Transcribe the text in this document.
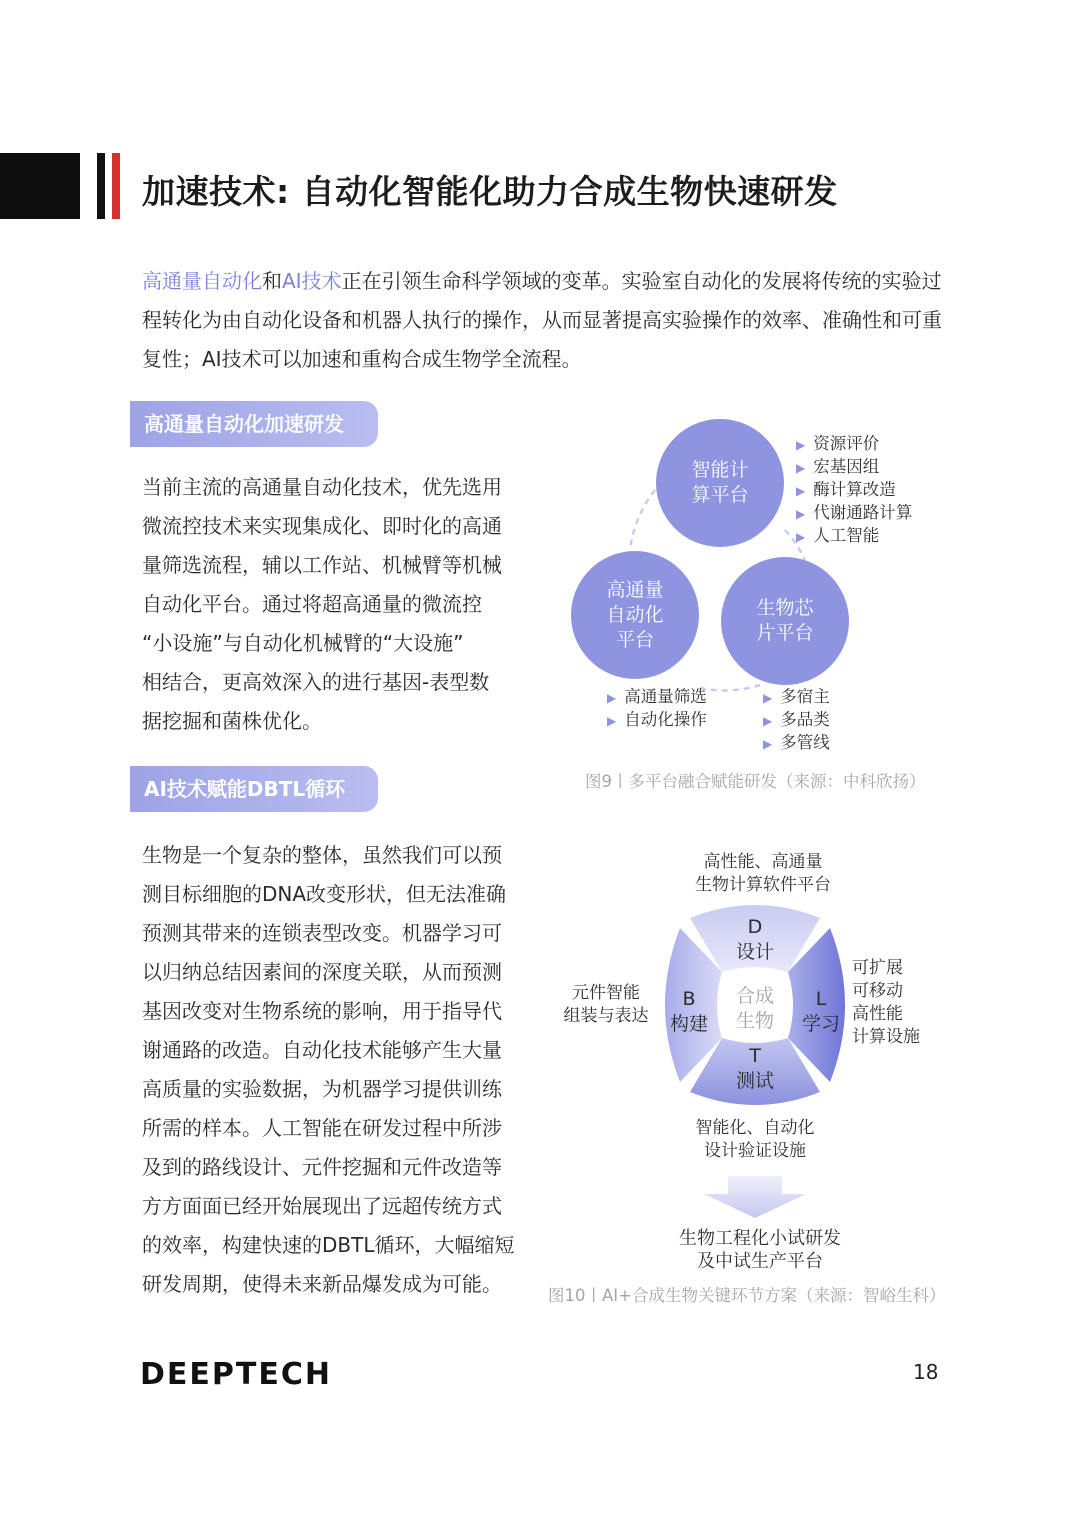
加速技术: 自动化智能化助力合成生物快速研发
高通量自动化和AI技术正在引领生命科学领域的变革。实验室自动化的发展将传统的实验过程转化为由自动化设备和机器人执行的操作，从而显著提高实验操作的效率、准确性和可重复性；AI技术可以加速和重构合成生物学全流程。
高通量自动化加速研发
当前主流的高通量自动化技术，优先选用
微流控技术来实现集成化、即时化的高通
量筛选流程，辅以工作站、机械臂等机械
自动化平台。通过将超高通量的微流控
“小设施”与自动化机械臂的“大设施”
相结合，更高效深入的进行基因-表型数
据挖掘和菌株优化。
AI技术赋能DBTL循环
生物是一个复杂的整体，虽然我们可以预
测目标细胞的DNA改变形状，但无法准确
预测其带来的连锁表型改变。机器学习可
以归纳总结因素间的深度关联，从而预测
基因改变对生物系统的影响，用于指导代
谢通路的改造。自动化技术能够产生大量
高质量的实验数据，为机器学习提供训练
所需的样本。人工智能在研发过程中所涉
及到的路线设计、元件挖掘和元件改造等
方方面面已经开始展现出了远超传统方式
的效率，构建快速的DBTL循环，大幅缩短
研发周期，使得未来新品爆发成为可能。
智能计
算平台
高通量
自动化
平台
生物芯
片平台
▶ 资源评价
▶ 宏基因组
▶ 酶计算改造
▶ 代谢通路计算
▶ 人工智能
▶ 高通量筛选
▶ 自动化操作
▶ 多宿主
▶ 多品类
▶ 多管线
图9丨多平台融合赋能研发（来源：中科欣扬）
高性能、高通量
生物计算软件平台
元件智能
组装与表达
可扩展
可移动
高性能
计算设施
D
设计
B
构建
L
学习
T
测试
合成
生物
智能化、自动化
设计验证设施
生物工程化小试研发
及中试生产平台
图10丨AI+合成生物关键环节方案（来源：智峪生科）
DEEPTECH	18
